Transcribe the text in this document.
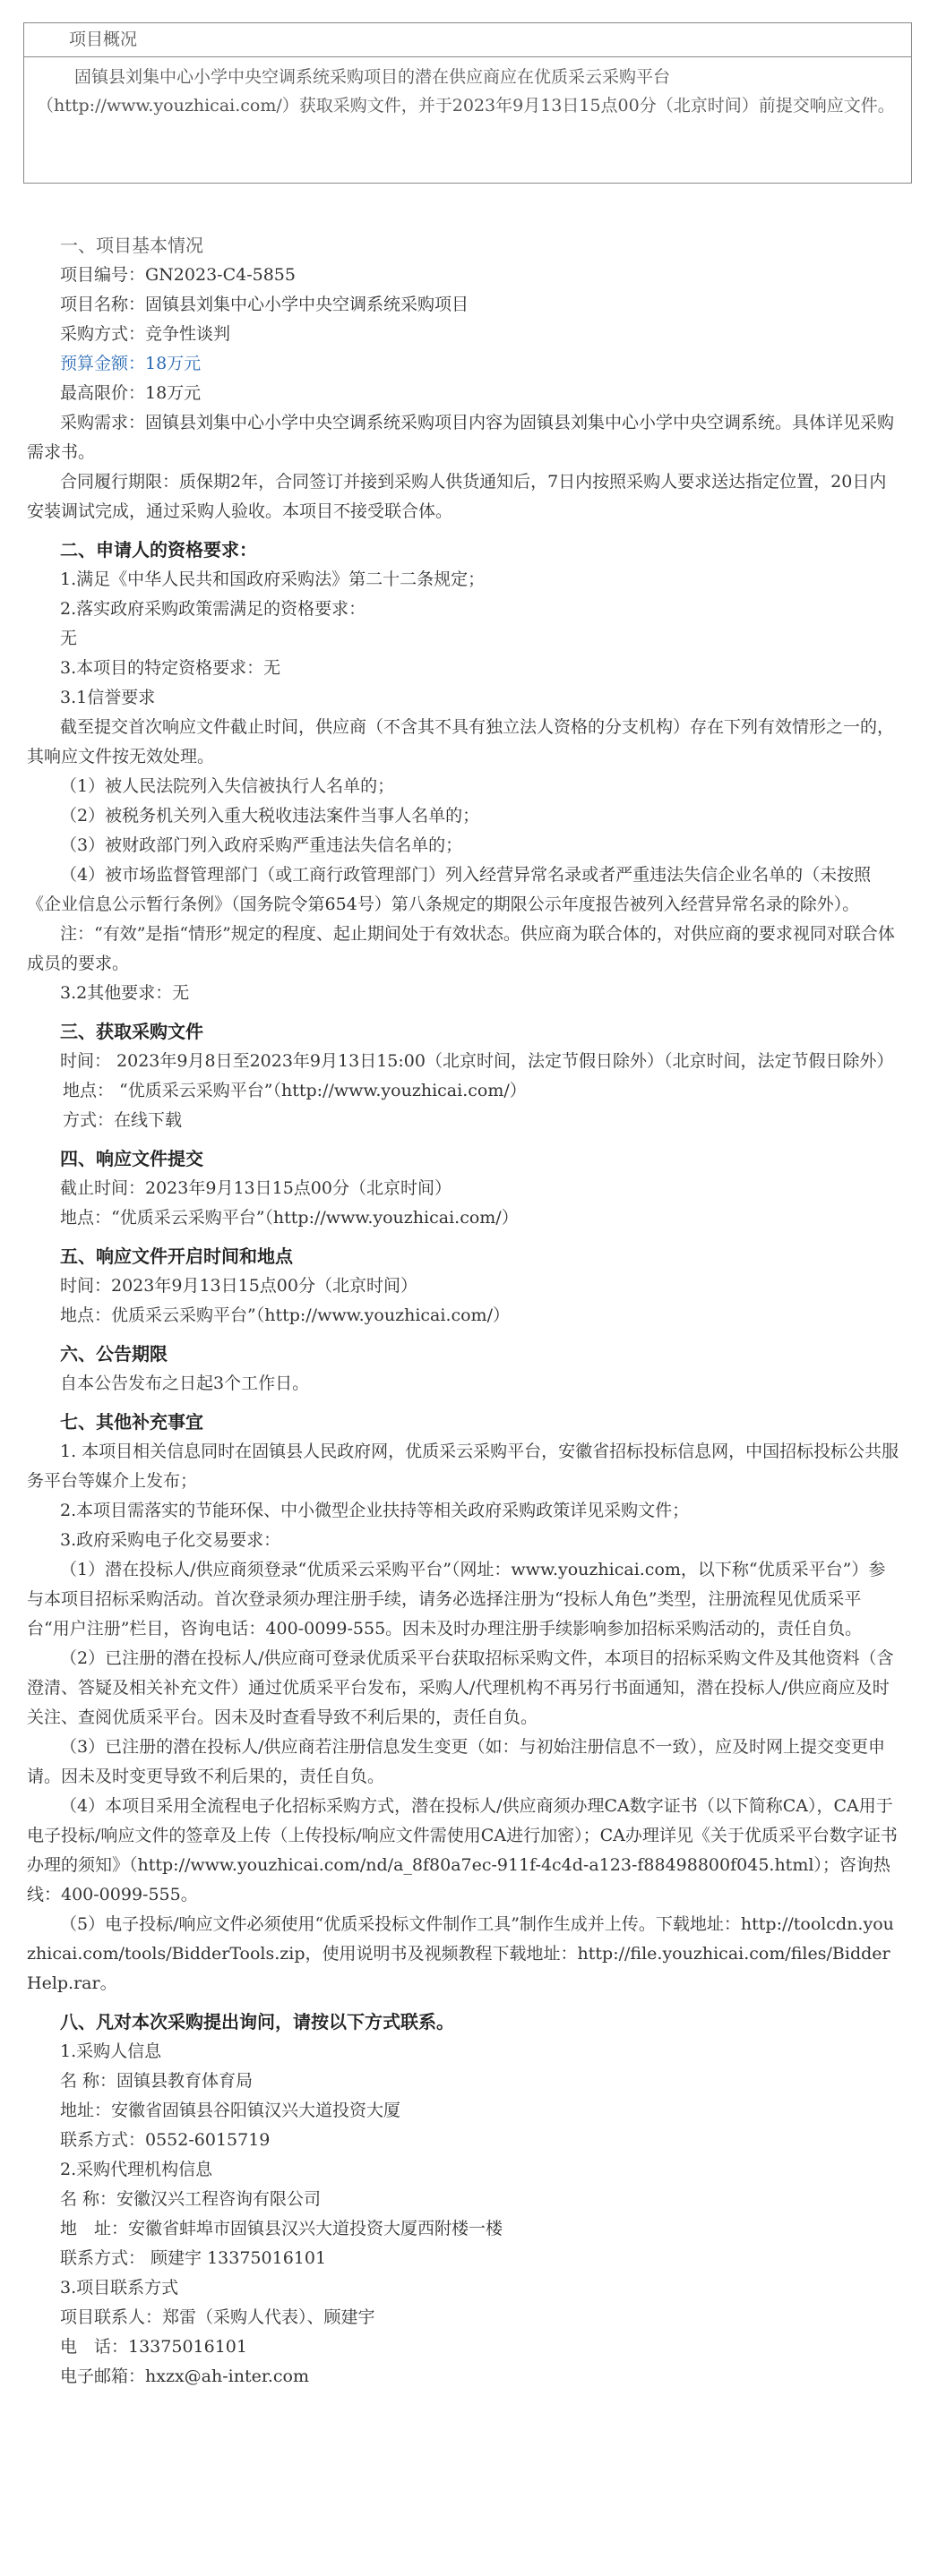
项目概况
固镇县刘集中心小学中央空调系统采购项目的潜在供应商应在优质采云采购平台（http://www.youzhicai.com/）获取采购文件，并于2023年9月13日15点00分（北京时间）前提交响应文件。
一、项目基本情况
项目编号：GN2023-C4-5855
项目名称：固镇县刘集中心小学中央空调系统采购项目
采购方式：竞争性谈判
预算金额：18万元
最高限价：18万元
采购需求：固镇县刘集中心小学中央空调系统采购项目内容为固镇县刘集中心小学中央空调系统。具体详见采购需求书。
合同履行期限：质保期2年，合同签订并接到采购人供货通知后，7日内按照采购人要求送达指定位置，20日内安装调试完成，通过采购人验收。本项目不接受联合体。
二、申请人的资格要求：
1.满足《中华人民共和国政府采购法》第二十二条规定；
2.落实政府采购政策需满足的资格要求：
无
3.本项目的特定资格要求：无
3.1信誉要求
截至提交首次响应文件截止时间，供应商（不含其不具有独立法人资格的分支机构）存在下列有效情形之一的，其响应文件按无效处理。
（1）被人民法院列入失信被执行人名单的；
（2）被税务机关列入重大税收违法案件当事人名单的；
（3）被财政部门列入政府采购严重违法失信名单的；
（4）被市场监督管理部门（或工商行政管理部门）列入经营异常名录或者严重违法失信企业名单的（未按照《企业信息公示暂行条例》（国务院令第654号）第八条规定的期限公示年度报告被列入经营异常名录的除外）。
注：“有效”是指“情形”规定的程度、起止期间处于有效状态。供应商为联合体的，对供应商的要求视同对联合体成员的要求。
3.2其他要求：无
三、获取采购文件
时间： 2023年9月8日至2023年9月13日15:00（北京时间，法定节假日除外）（北京时间，法定节假日除外）
地点： “优质采云采购平台”（http://www.youzhicai.com/）
方式：在线下载
四、响应文件提交
截止时间：2023年9月13日15点00分（北京时间）
地点：“优质采云采购平台”（http://www.youzhicai.com/）
五、响应文件开启时间和地点
时间：2023年9月13日15点00分（北京时间）
地点：优质采云采购平台”（http://www.youzhicai.com/）
六、公告期限
自本公告发布之日起3个工作日。
七、其他补充事宜
1. 本项目相关信息同时在固镇县人民政府网，优质采云采购平台，安徽省招标投标信息网，中国招标投标公共服务平台等媒介上发布；
2.本项目需落实的节能环保、中小微型企业扶持等相关政府采购政策详见采购文件；
3.政府采购电子化交易要求：
（1）潜在投标人/供应商须登录“优质采云采购平台”（网址：www.youzhicai.com，以下称“优质采平台”）参与本项目招标采购活动。首次登录须办理注册手续，请务必选择注册为“投标人角色”类型，注册流程见优质采平台“用户注册”栏目，咨询电话：400-0099-555。因未及时办理注册手续影响参加招标采购活动的，责任自负。
（2）已注册的潜在投标人/供应商可登录优质采平台获取招标采购文件，本项目的招标采购文件及其他资料（含澄清、答疑及相关补充文件）通过优质采平台发布，采购人/代理机构不再另行书面通知，潜在投标人/供应商应及时关注、查阅优质采平台。因未及时查看导致不利后果的，责任自负。
（3）已注册的潜在投标人/供应商若注册信息发生变更（如：与初始注册信息不一致），应及时网上提交变更申请。因未及时变更导致不利后果的，责任自负。
（4）本项目采用全流程电子化招标采购方式，潜在投标人/供应商须办理CA数字证书（以下简称CA），CA用于电子投标/响应文件的签章及上传（上传投标/响应文件需使用CA进行加密）；CA办理详见《关于优质采平台数字证书办理的须知》（http://www.youzhicai.com/nd/a_8f80a7ec-911f-4c4d-a123-f88498800f045.html）；咨询热线：400-0099-555。
（5）电子投标/响应文件必须使用“优质采投标文件制作工具”制作生成并上传。下载地址：http://toolcdn.youzhicai.com/tools/BidderTools.zip，使用说明书及视频教程下载地址：http://file.youzhicai.com/files/BidderHelp.rar。
八、凡对本次采购提出询问，请按以下方式联系。
1.采购人信息
名 称：固镇县教育体育局
地址：安徽省固镇县谷阳镇汉兴大道投资大厦
联系方式：0552-6015719
2.采购代理机构信息
名 称：安徽汉兴工程咨询有限公司
地　址：安徽省蚌埠市固镇县汉兴大道投资大厦西附楼一楼
联系方式： 顾建宇 13375016101
3.项目联系方式
项目联系人：郑雷（采购人代表）、顾建宇
电　话：13375016101
电子邮箱：hxzx@ah-inter.com
